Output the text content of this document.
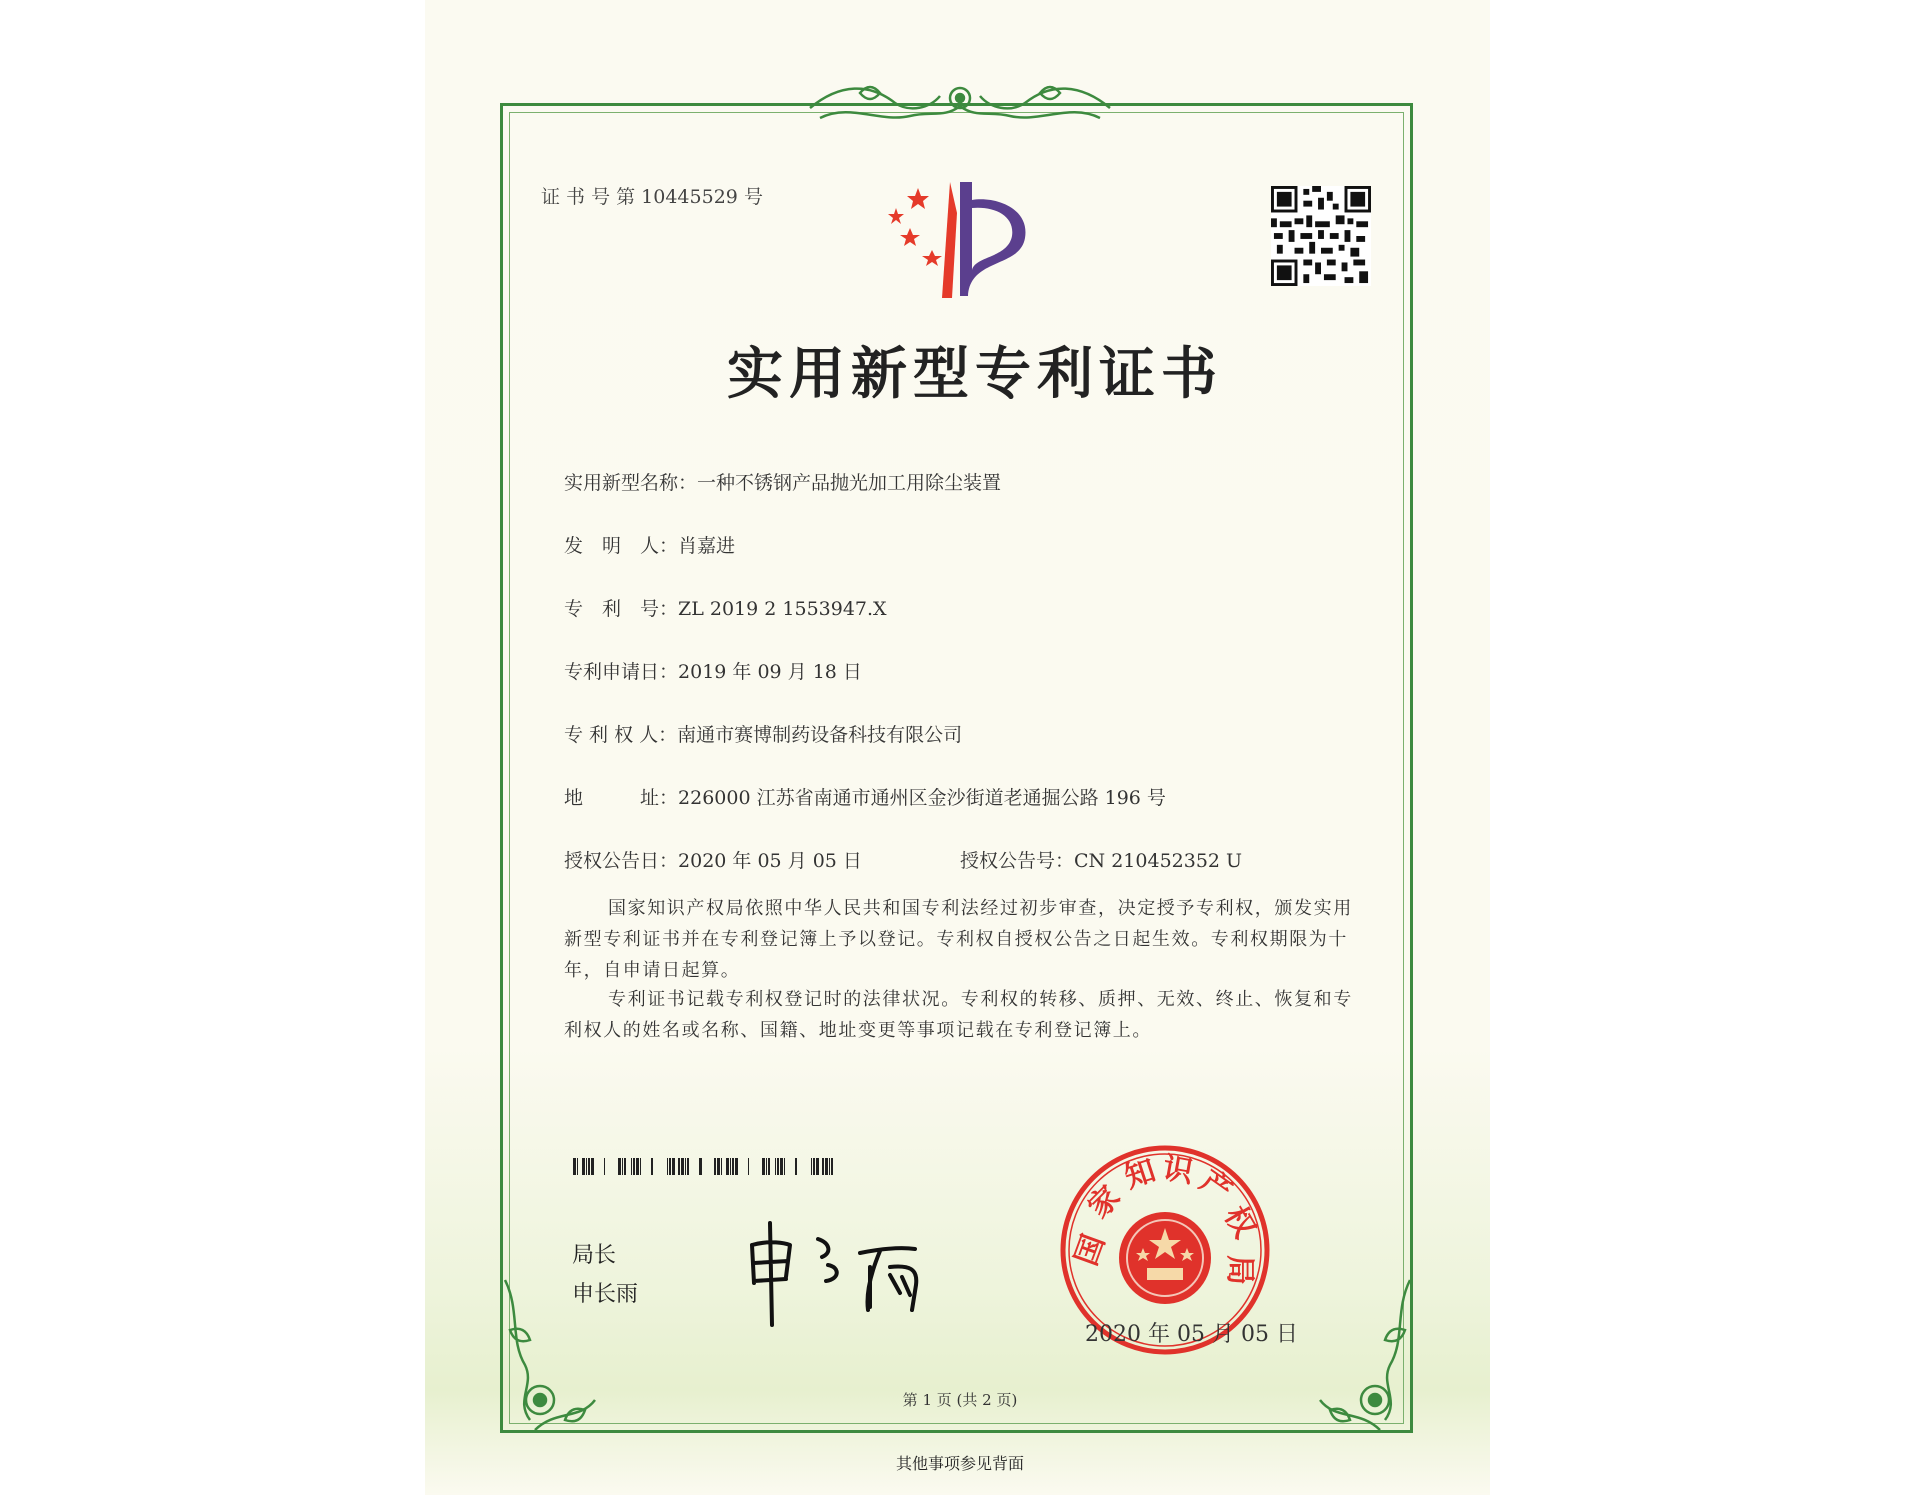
证 书 号 第 10445529 号
实用新型专利证书
实用新型名称：一种不锈钢产品抛光加工用除尘装置
发　明　人：肖嘉进
专　利　号：ZL 2019 2 1553947.X
专利申请日：2019 年 09 月 18 日
专 利 权 人：南通市赛博制药设备科技有限公司
地　　　址：226000 江苏省南通市通州区金沙街道老通掘公路 196 号
授权公告日：2020 年 05 月 05 日	授权公告号：CN 210452352 U
国家知识产权局依照中华人民共和国专利法经过初步审查，决定授予专利权，颁发实用新型专利证书并在专利登记簿上予以登记。专利权自授权公告之日起生效。专利权期限为十年，自申请日起算。
专利证书记载专利权登记时的法律状况。专利权的转移、质押、无效、终止、恢复和专利权人的姓名或名称、国籍、地址变更等事项记载在专利登记簿上。
局长
申长雨
国
家
知 识
产
权
局
2020 年 05 月 05 日
第 1 页 (共 2 页)
其他事项参见背面
